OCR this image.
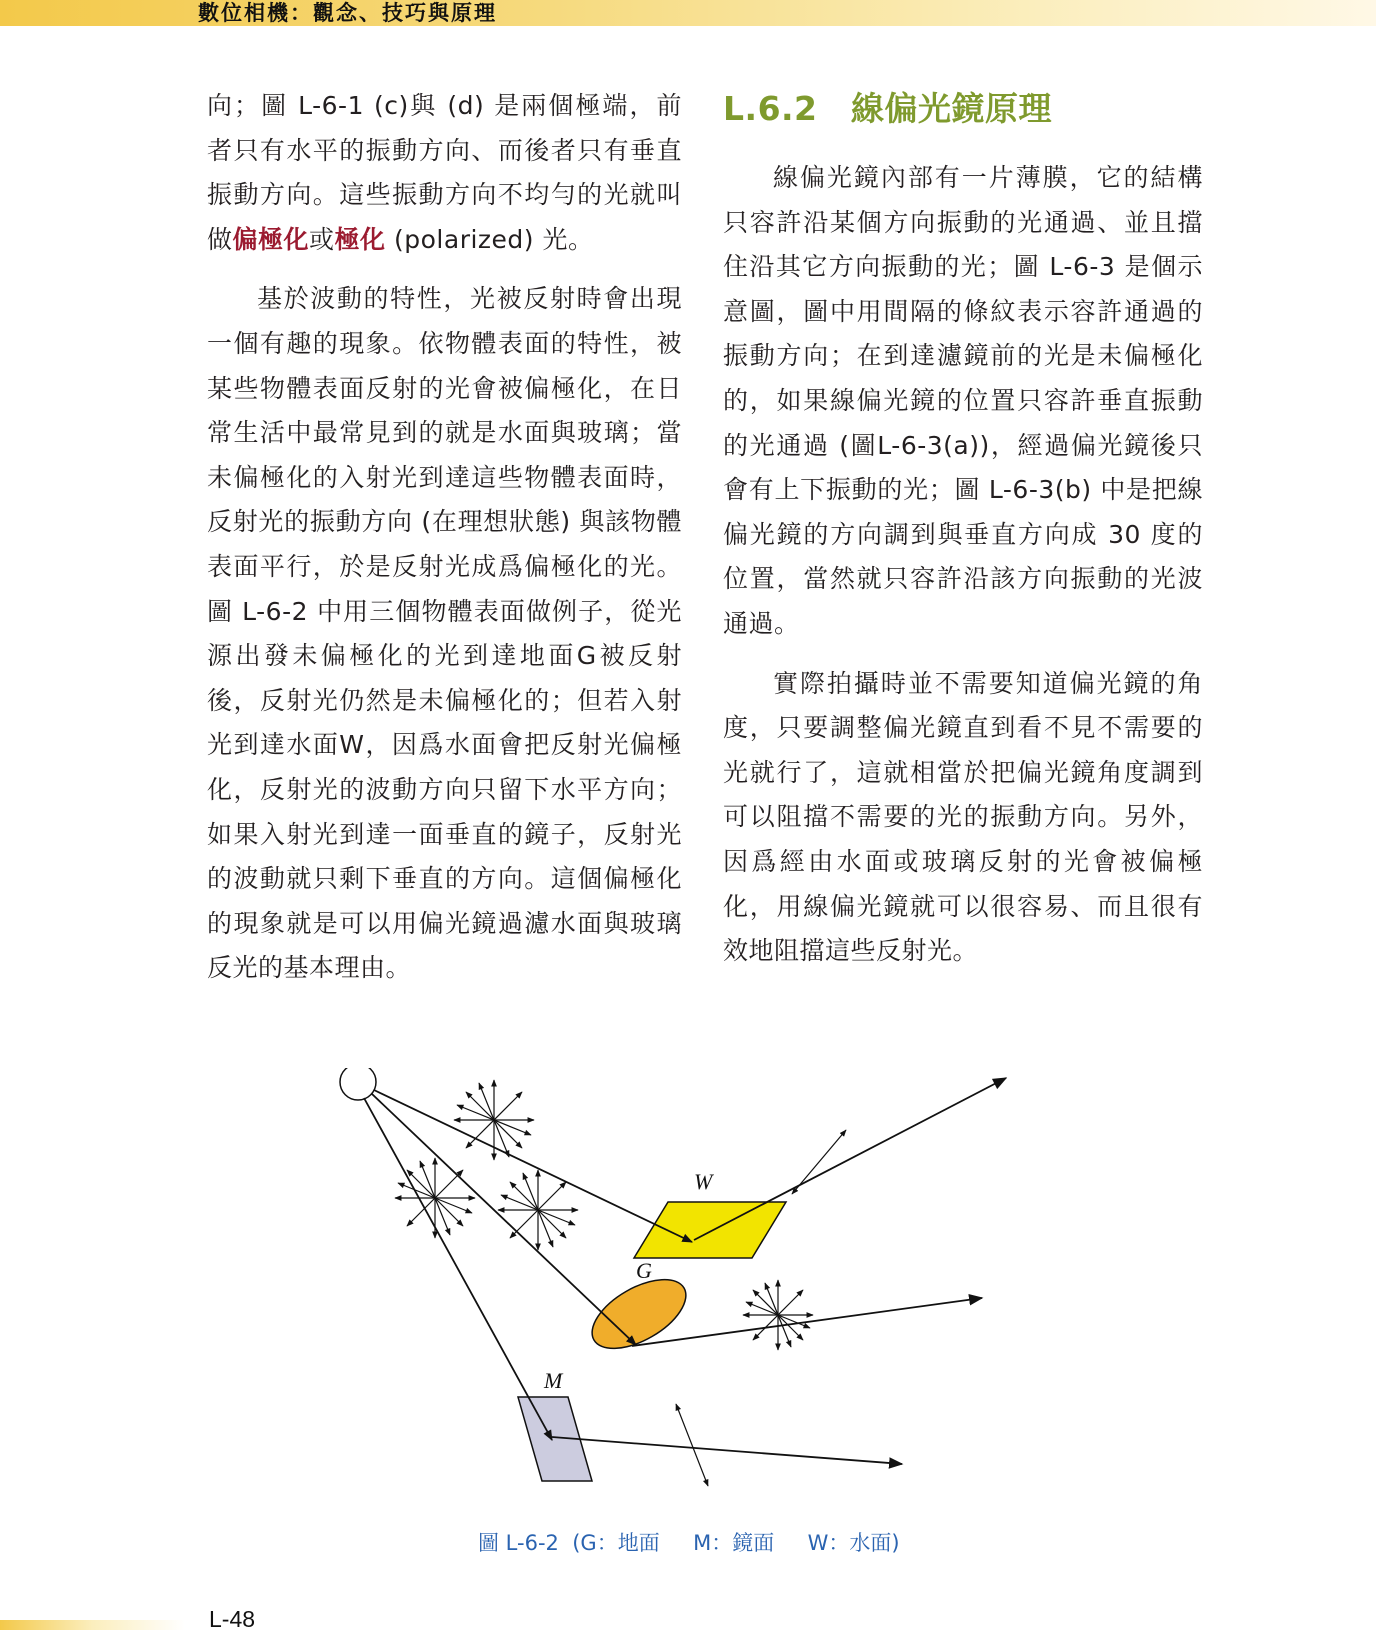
數位相機：觀念、技巧與原理

向；圖 L-6-1 (c)與 (d) 是兩個極端，前者只有水平的振動方向、而後者只有垂直振動方向。這些振動方向不均勻的光就叫做偏極化或極化 (polarized) 光。

基於波動的特性，光被反射時會出現一個有趣的現象。依物體表面的特性，被某些物體表面反射的光會被偏極化，在日常生活中最常見到的就是水面與玻璃；當未偏極化的入射光到達這些物體表面時，反射光的振動方向 (在理想狀態) 與該物體表面平行，於是反射光成爲偏極化的光。圖 L-6-2 中用三個物體表面做例子，從光源出發未偏極化的光到達地面G被反射後，反射光仍然是未偏極化的；但若入射光到達水面W，因爲水面會把反射光偏極化，反射光的波動方向只留下水平方向；如果入射光到達一面垂直的鏡子，反射光的波動就只剩下垂直的方向。這個偏極化的現象就是可以用偏光鏡過濾水面與玻璃反光的基本理由。

L.6.2　線偏光鏡原理

線偏光鏡內部有一片薄膜，它的結構只容許沿某個方向振動的光通過、並且擋住沿其它方向振動的光；圖 L-6-3 是個示意圖，圖中用間隔的條紋表示容許通過的振動方向；在到達濾鏡前的光是未偏極化的，如果線偏光鏡的位置只容許垂直振動的光通過 (圖L-6-3(a))，經過偏光鏡後只會有上下振動的光；圖 L-6-3(b) 中是把線偏光鏡的方向調到與垂直方向成 30 度的位置，當然就只容許沿該方向振動的光波通過。

實際拍攝時並不需要知道偏光鏡的角度，只要調整偏光鏡直到看不見不需要的光就行了，這就相當於把偏光鏡角度調到可以阻擋不需要的光的振動方向。另外，因爲經由水面或玻璃反射的光會被偏極化，用線偏光鏡就可以很容易、而且很有效地阻擋這些反射光。

W
G
M
圖 L-6-2  (G：地面     M：鏡面     W：水面)
L-48
